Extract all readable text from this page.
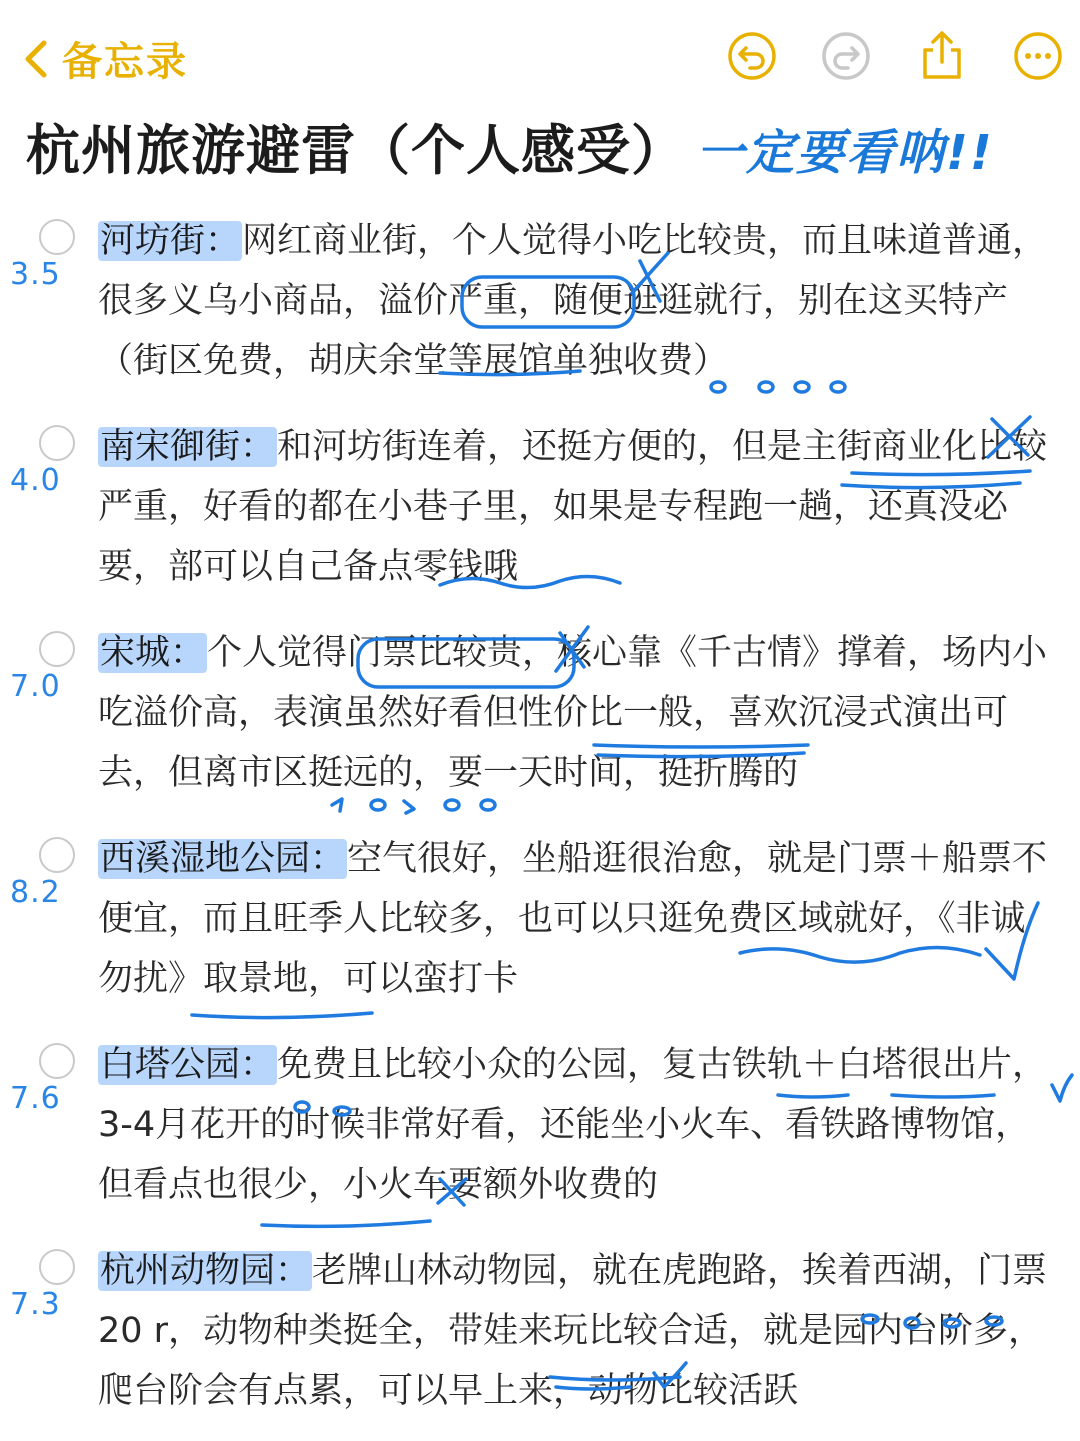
备忘录
杭州旅游避雷（个人感受） 一定要看呐!!
3.5
河坊街：网红商业街，个人觉得小吃比较贵，而且味道普通，很多义乌小商品，溢价严重，随便逛逛就行，别在这买特产（街区免费，胡庆余堂等展馆单独收费）
4.0
南宋御街：和河坊街连着，还挺方便的，但是主街商业化比较严重，好看的都在小巷子里，如果是专程跑一趟，还真没必要，部可以自己备点零钱哦
7.0
宋城：个人觉得门票比较贵，核心靠《千古情》撑着，场内小吃溢价高，表演虽然好看但性价比一般，喜欢沉浸式演出可去，但离市区挺远的，要一天时间，挺折腾的
8.2
西溪湿地公园：空气很好，坐船逛很治愈，就是门票＋船票不便宜，而且旺季人比较多，也可以只逛免费区域就好，《非诚勿扰》取景地，可以蛮打卡
7.6
白塔公园：免费且比较小众的公园，复古铁轨＋白塔很出片，3-4月花开的时候非常好看，还能坐小火车、看铁路博物馆，但看点也很少，小火车要额外收费的
7.3
杭州动物园：老牌山林动物园，就在虎跑路，挨着西湖，门票 20 r，动物种类挺全，带娃来玩比较合适，就是园内台阶多，爬台阶会有点累，可以早上来，动物比较活跃
